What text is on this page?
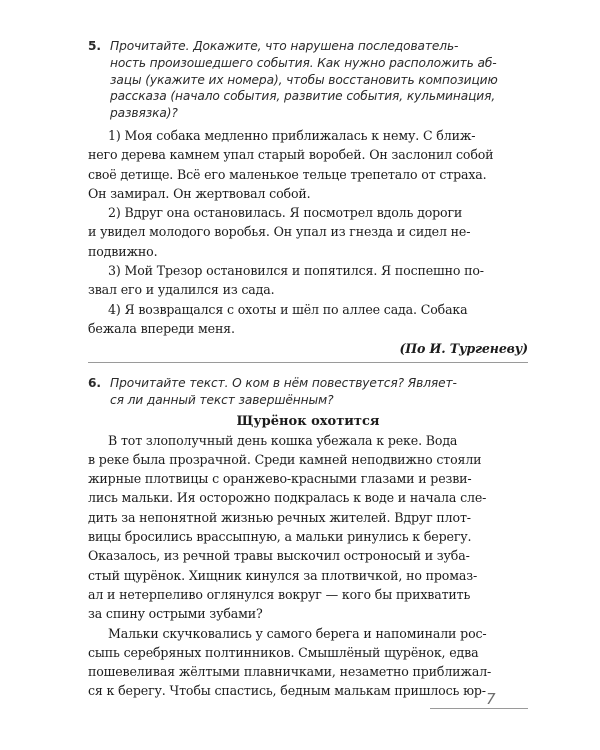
5. Прочитайте. Докажите, что нарушена последователь-
ность произошедшего события. Как нужно расположить аб-
зацы (укажите их номера), чтобы восстановить композицию
рассказа (начало события, развитие события, кульминация,
развязка)?
1) Моя собака медленно приближалась к нему. С ближ-
него дерева камнем упал старый воробей. Он заслонил собой
своё детище. Всё его маленькое тельце трепетало от страха.
Он замирал. Он жертвовал собой.
2) Вдруг она остановилась. Я посмотрел вдоль дороги
и увидел молодого воробья. Он упал из гнезда и сидел не-
подвижно.
3) Мой Трезор остановился и попятился. Я поспешно по-
звал его и удалился из сада.
4) Я возвращался с охоты и шёл по аллее сада. Собака
бежала впереди меня.
(По И. Тургеневу)
6. Прочитайте текст. О ком в нём повествуется? Являет-
ся ли данный текст завершённым?
Щурёнок охотится
В тот злополучный день кошка убежала к реке. Вода
в реке была прозрачной. Среди камней неподвижно стояли
жирные плотвицы с оранжево-красными глазами и резви-
лись мальки. Ия осторожно подкралась к воде и начала сле-
дить за непонятной жизнью речных жителей. Вдруг плот-
вицы бросились врассыпную, а мальки ринулись к берегу.
Оказалось, из речной травы выскочил остроносый и зуба-
стый щурёнок. Хищник кинулся за плотвичкой, но промаз-
ал и нетерпеливо оглянулся вокруг — кого бы прихватить
за спину острыми зубами?
Мальки скучковались у самого берега и напоминали рос-
сыпь серебряных полтинников. Смышлёный щурёнок, едва
пошевеливая жёлтыми плавничками, незаметно приближал-
ся к берегу. Чтобы спастись, бедным малькам пришлось юр- 7
